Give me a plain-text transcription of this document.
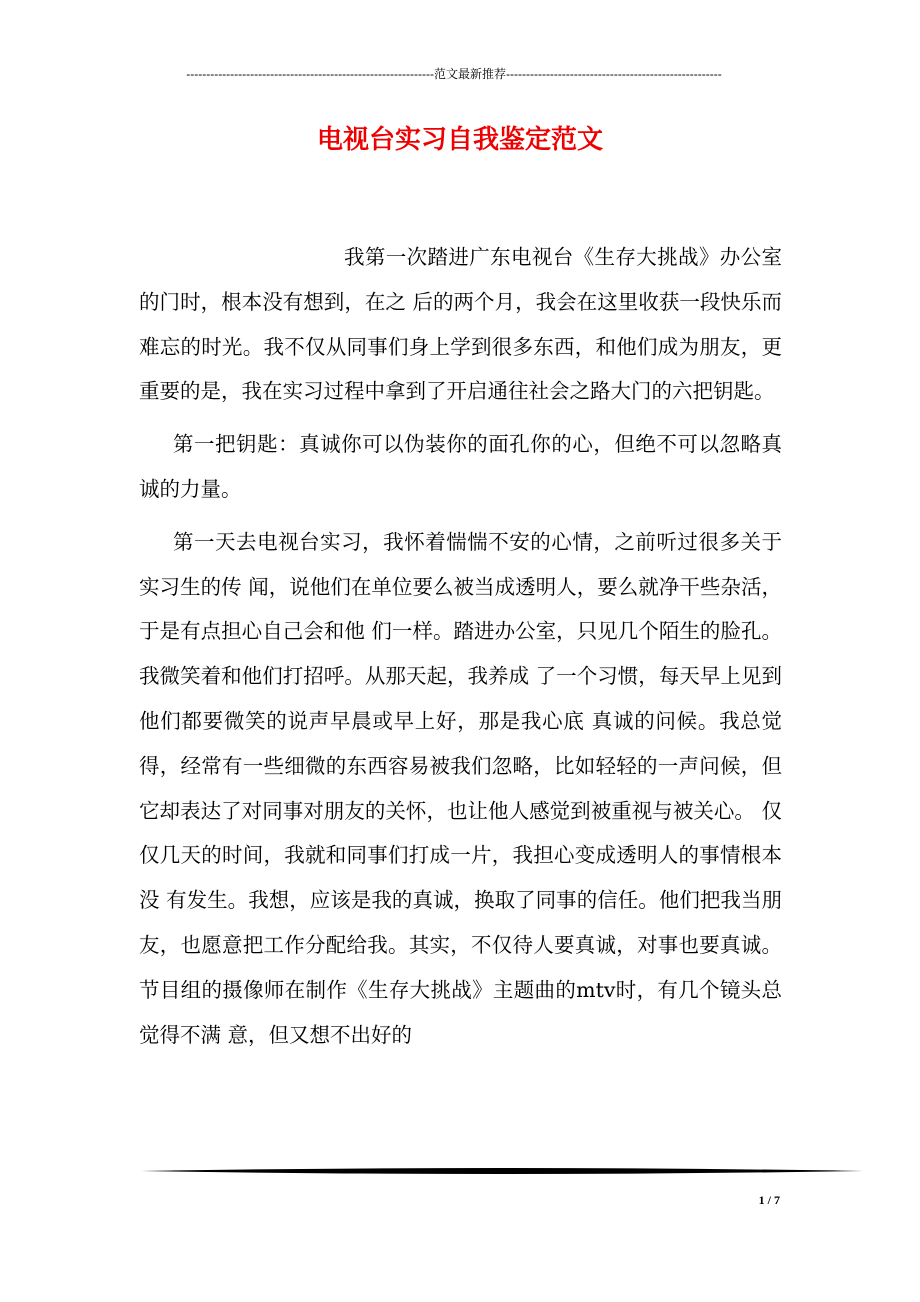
--------------------------------------------------------------范文最新推荐------------------------------------------------------
电视台实习自我鉴定范文

我第一次踏进广东电视台《生存大挑战》办公室的门时，根本没有想到，在之 后的两个月，我会在这里收获一段快乐而难忘的时光。我不仅从同事们身上学到很多东西，和他们成为朋友，更重要的是，我在实习过程中拿到了开启通往社会之路大门的六把钥匙。

第一把钥匙：真诚你可以伪装你的面孔你的心，但绝不可以忽略真诚的力量。

第一天去电视台实习，我怀着惴惴不安的心情，之前听过很多关于实习生的传 闻，说他们在单位要么被当成透明人，要么就净干些杂活，于是有点担心自己会和他 们一样。踏进办公室，只见几个陌生的脸孔。我微笑着和他们打招呼。从那天起，我养成 了一个习惯，每天早上见到他们都要微笑的说声早晨或早上好，那是我心底 真诚的问候。我总觉得，经常有一些细微的东西容易被我们忽略，比如轻轻的一声问候，但它却表达了对同事对朋友的关怀，也让他人感觉到被重视与被关心。 仅仅几天的时间，我就和同事们打成一片，我担心变成透明人的事情根本没 有发生。我想，应该是我的真诚，换取了同事的信任。他们把我当朋友，也愿意把工作分配给我。其实，不仅待人要真诚，对事也要真诚。 节目组的摄像师在制作《生存大挑战》主题曲的mtv时，有几个镜头总觉得不满 意，但又想不出好的

1 / 7
